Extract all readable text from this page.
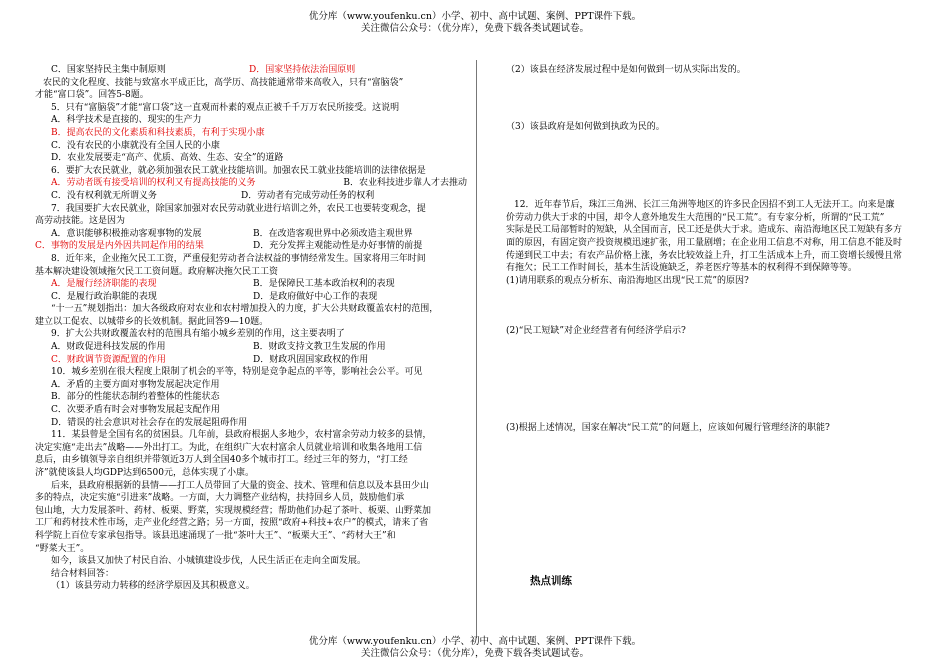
优分库（www.youfenku.cn）小学、初中、高中试题、案例、PPT课件下载。
关注微信公众号：（优分库），免费下载各类试题试卷。
C．国家坚持民主集中制原则	D．国家坚持依法治国原则
农民的文化程度、技能与致富水平成正比，高学历、高技能通常带来高收入，只有“富脑袋”
才能“富口袋”。回答5-8题。
5．只有“富脑袋”才能“富口袋”这一直观而朴素的观点正被千千万万农民所接受。这说明
A．科学技术是直接的、现实的生产力
B．提高农民的文化素质和科技素质，有利于实现小康
C．没有农民的小康就没有全国人民的小康
D．农业发展要走“高产、优质、高效、生态、安全”的道路
6．要扩大农民就业，就必须加强农民工就业技能培训。加强农民工就业技能培训的法律依据是
A．劳动者既有接受培训的权利又有提高技能的义务	B．农业科技进步靠人才去推动
C．没有权利就无所谓义务	D．劳动者有完成劳动任务的权利
7．我国要扩大农民就业，除国家加强对农民劳动就业进行培训之外，农民工也要转变观念，提
高劳动技能。这是因为
A．意识能够积极推动客观事物的发展	B．在改造客观世界中必须改造主观世界
C．事物的发展是内外因共同起作用的结果	D．充分发挥主观能动性是办好事情的前提
8．近年来，企业拖欠民工工资，严重侵犯劳动者合法权益的事情经常发生。国家将用三年时间
基本解决建设领域拖欠民工工资问题。政府解决拖欠民工工资
A．是履行经济职能的表现	B．是保障民工基本政治权利的表现
C．是履行政治职能的表现	D．是政府做好中心工作的表现
“十一五”规划指出：加大各级政府对农业和农村增加投入的力度，扩大公共财政覆盖农村的范围，
建立以工促农、以城带乡的长效机制。据此回答9—10题。
9．扩大公共财政覆盖农村的范围具有缩小城乡差别的作用，这主要表明了
A．财政促进科技发展的作用	B．财政支持文教卫生发展的作用
C．财政调节资源配置的作用	D．财政巩固国家政权的作用
10．城乡差别在很大程度上限制了机会的平等，特别是竞争起点的平等，影响社会公平。可见
A．矛盾的主要方面对事物发展起决定作用
B．部分的性能状态制约着整体的性能状态
C．次要矛盾有时会对事物发展起支配作用
D．错误的社会意识对社会存在的发展起阻碍作用
11．某县曾是全国有名的贫困县。几年前，县政府根据人多地少，农村富余劳动力较多的县情，
决定实施“走出去”战略——外出打工。为此，在组织广大农村富余人员就业培训和收集各地用工信
息后，由乡镇领导亲自组织并带领近3万人到全国40多个城市打工。经过三年的努力，“打工经
济”就使该县人均GDP达到6500元，总体实现了小康。
后来，县政府根据新的县情——打工人员带回了大量的资金、技术、管理和信息以及本县田少山
多的特点，决定实施“引进来”战略。一方面，大力调整产业结构，扶持回乡人员，鼓励他们承
包山地，大力发展茶叶、药材、板栗、野菜，实现规模经营；帮助他们办起了茶叶、板栗、山野菜加
工厂和药材技术性市场，走产业化经营之路；另一方面，按照“政府+科技+农户”的模式，请来了省
科学院上百位专家承包指导。该县迅速涌现了一批“茶叶大王”、“板栗大王”、“药材大王”和
“野菜大王”。
如今，该县又加快了村民自治、小城镇建设步伐，人民生活正在走向全面发展。
结合材料回答：
（1）该县劳动力转移的经济学原因及其积极意义。
（2）该县在经济发展过程中是如何做到一切从实际出发的。
（3）该县政府是如何做到执政为民的。
12．近年春节后，珠江三角洲、长江三角洲等地区的许多民企因招不到工人无法开工。向来是廉
价劳动力供大于求的中国，却令人意外地发生大范围的“民工荒”。有专家分析，所谓的“民工荒”
实际是民工局部暂时的短缺，从全国而言，民工还是供大于求。造成东、南沿海地区民工短缺有多方
面的原因，有固定资产投资规模迅速扩张，用工量剧增；在企业用工信息不对称，用工信息不能及时
传递到民工中去；有农产品价格上涨，务农比较效益上升，打工生活成本上升，而工资增长缓慢且常
有拖欠；民工工作时间长，基本生活设施缺乏，养老医疗等基本的权利得不到保障等等。
(1)请用联系的观点分析东、南沿海地区出现“民工荒”的原因?
(2)“民工短缺”对企业经营者有何经济学启示?
(3)根据上述情况，国家在解决“民工荒”的问题上，应该如何履行管理经济的职能?
热点训练
优分库（www.youfenku.cn）小学、初中、高中试题、案例、PPT课件下载。
关注微信公众号：（优分库），免费下载各类试题试卷。
